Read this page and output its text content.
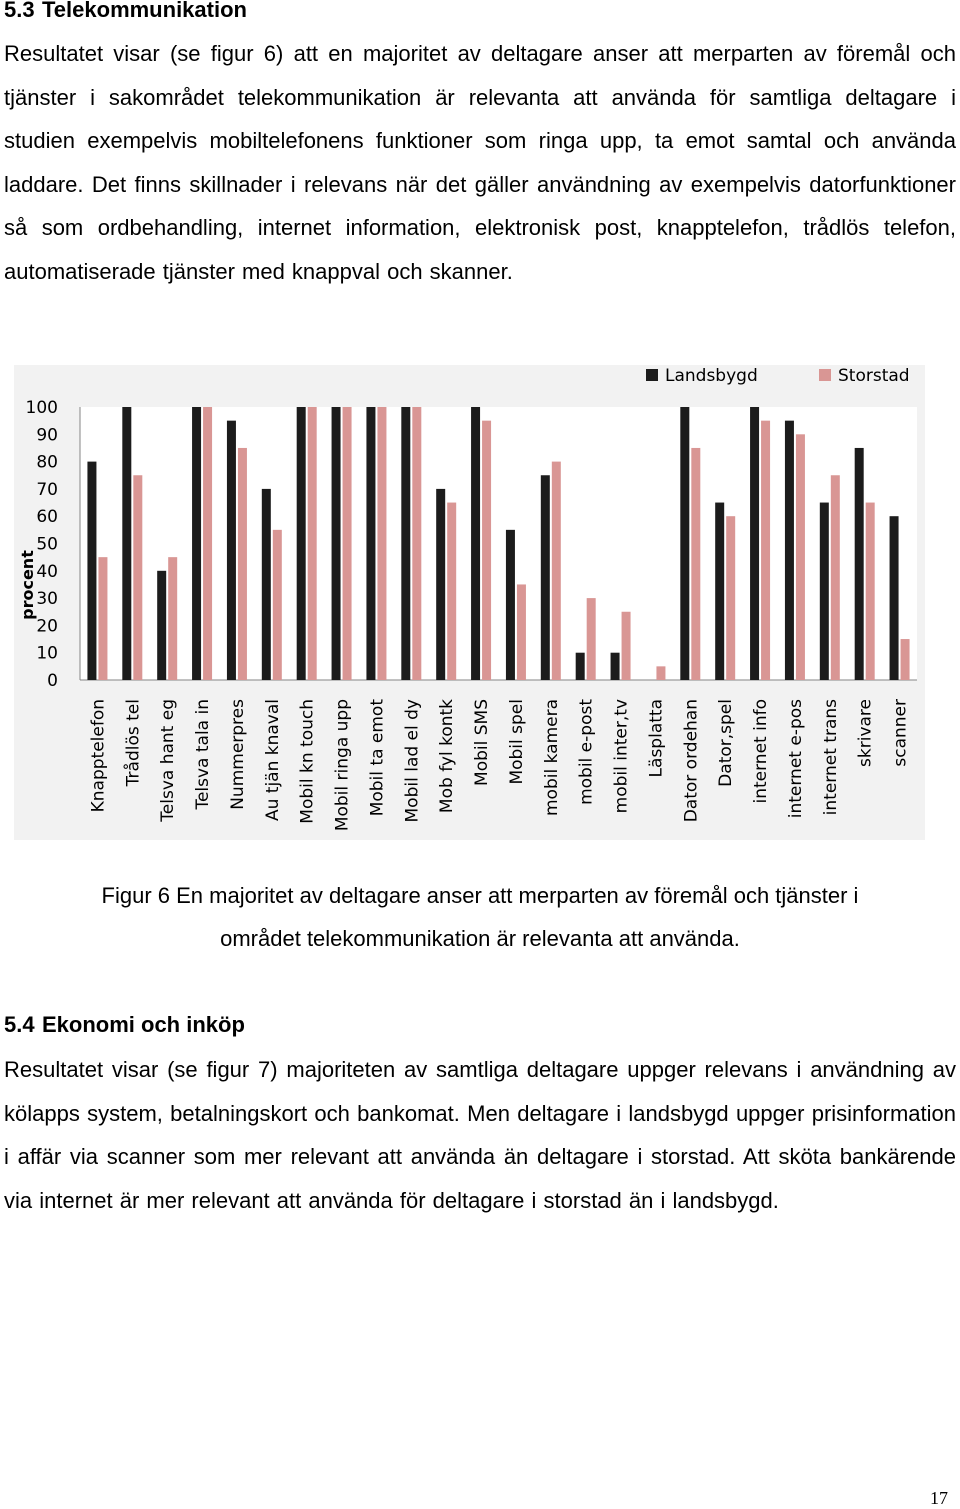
5.3 Telekommunikation
Resultatet visar (se figur 6) att en majoritet av deltagare anser att merparten av föremål och tjänster i sakområdet telekommunikation är relevanta att använda för samtliga deltagare i studien exempelvis mobiltelefonens funktioner som ringa upp, ta emot samtal och använda laddare. Det finns skillnader i relevans när det gäller användning av exempelvis datorfunktioner så som ordbehandling, internet information, elektronisk post, knapptelefon, trådlös telefon, automatiserade tjänster med knappval och skanner.
0
10
20
30
40
50
60
70
80
90
100
procent
Knapptelefon Trådlös tel Telsva hant eg Telsva tala in Nummerpres Au tjän knaval Mobil kn touch Mobil ringa upp Mobil ta emot Mobil lad el dy Mob fyl kontk Mobil SMS Mobil spel mobil kamera mobil e-post mobil inter,tv Läsplatta Dator ordehan Dator,spel internet info internet e-pos internet trans skrivare scanner
Landsbygd	Storstad
Figur 6 En majoritet av deltagare anser att merparten av föremål och tjänster i
området telekommunikation är relevanta att använda.
5.4 Ekonomi och inköp
Resultatet visar (se figur 7) majoriteten av samtliga deltagare uppger relevans i användning av kölapps system, betalningskort och bankomat. Men deltagare i landsbygd uppger prisinformation i affär via scanner som mer relevant att använda än deltagare i storstad. Att sköta bankärende via internet är mer relevant att använda för deltagare i storstad än i landsbygd.
17
